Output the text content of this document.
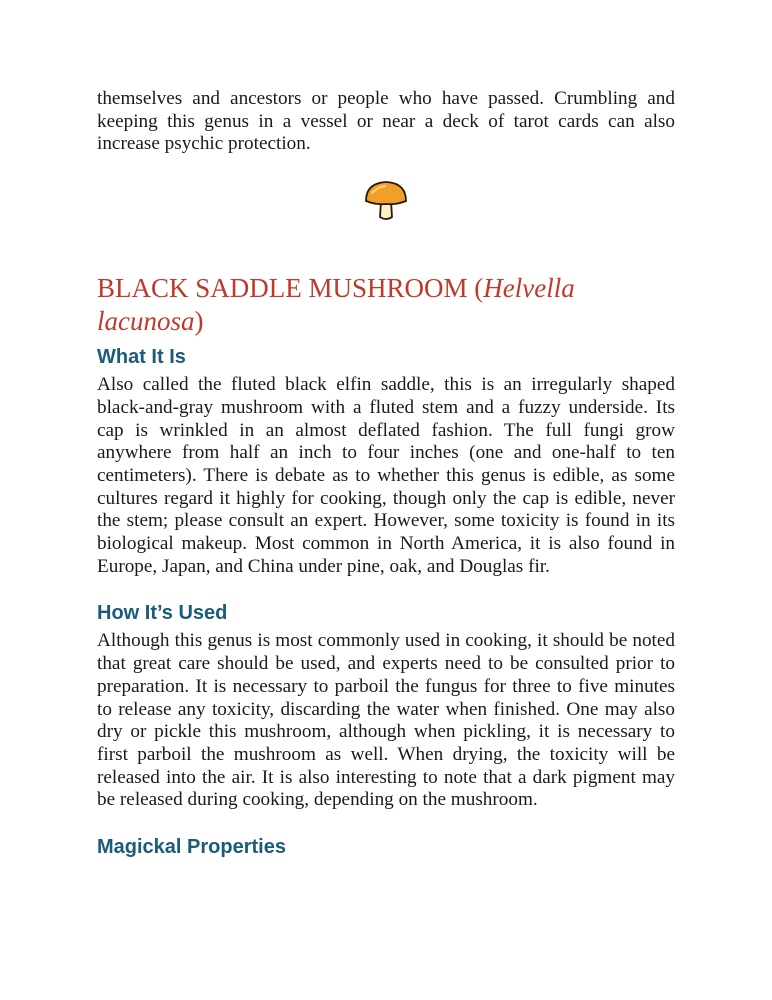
themselves and ancestors or people who have passed. Crumbling and keeping this genus in a vessel or near a deck of tarot cards can also increase psychic protection.

BLACK SADDLE MUSHROOM (Helvella lacunosa)
What It Is

Also called the fluted black elfin saddle, this is an irregularly shaped black-and-gray mushroom with a fluted stem and a fuzzy underside. Its cap is wrinkled in an almost deflated fashion. The full fungi grow anywhere from half an inch to four inches (one and one-half to ten centimeters). There is debate as to whether this genus is edible, as some cultures regard it highly for cooking, though only the cap is edible, never the stem; please consult an expert. However, some toxicity is found in its biological makeup. Most common in North America, it is also found in Europe, Japan, and China under pine, oak, and Douglas fir.

How It’s Used

Although this genus is most commonly used in cooking, it should be noted that great care should be used, and experts need to be consulted prior to preparation. It is necessary to parboil the fungus for three to five minutes to release any toxicity, discarding the water when finished. One may also dry or pickle this mushroom, although when pickling, it is necessary to first parboil the mushroom as well. When drying, the toxicity will be released into the air. It is also interesting to note that a dark pigment may be released during cooking, depending on the mushroom.

Magickal Properties
